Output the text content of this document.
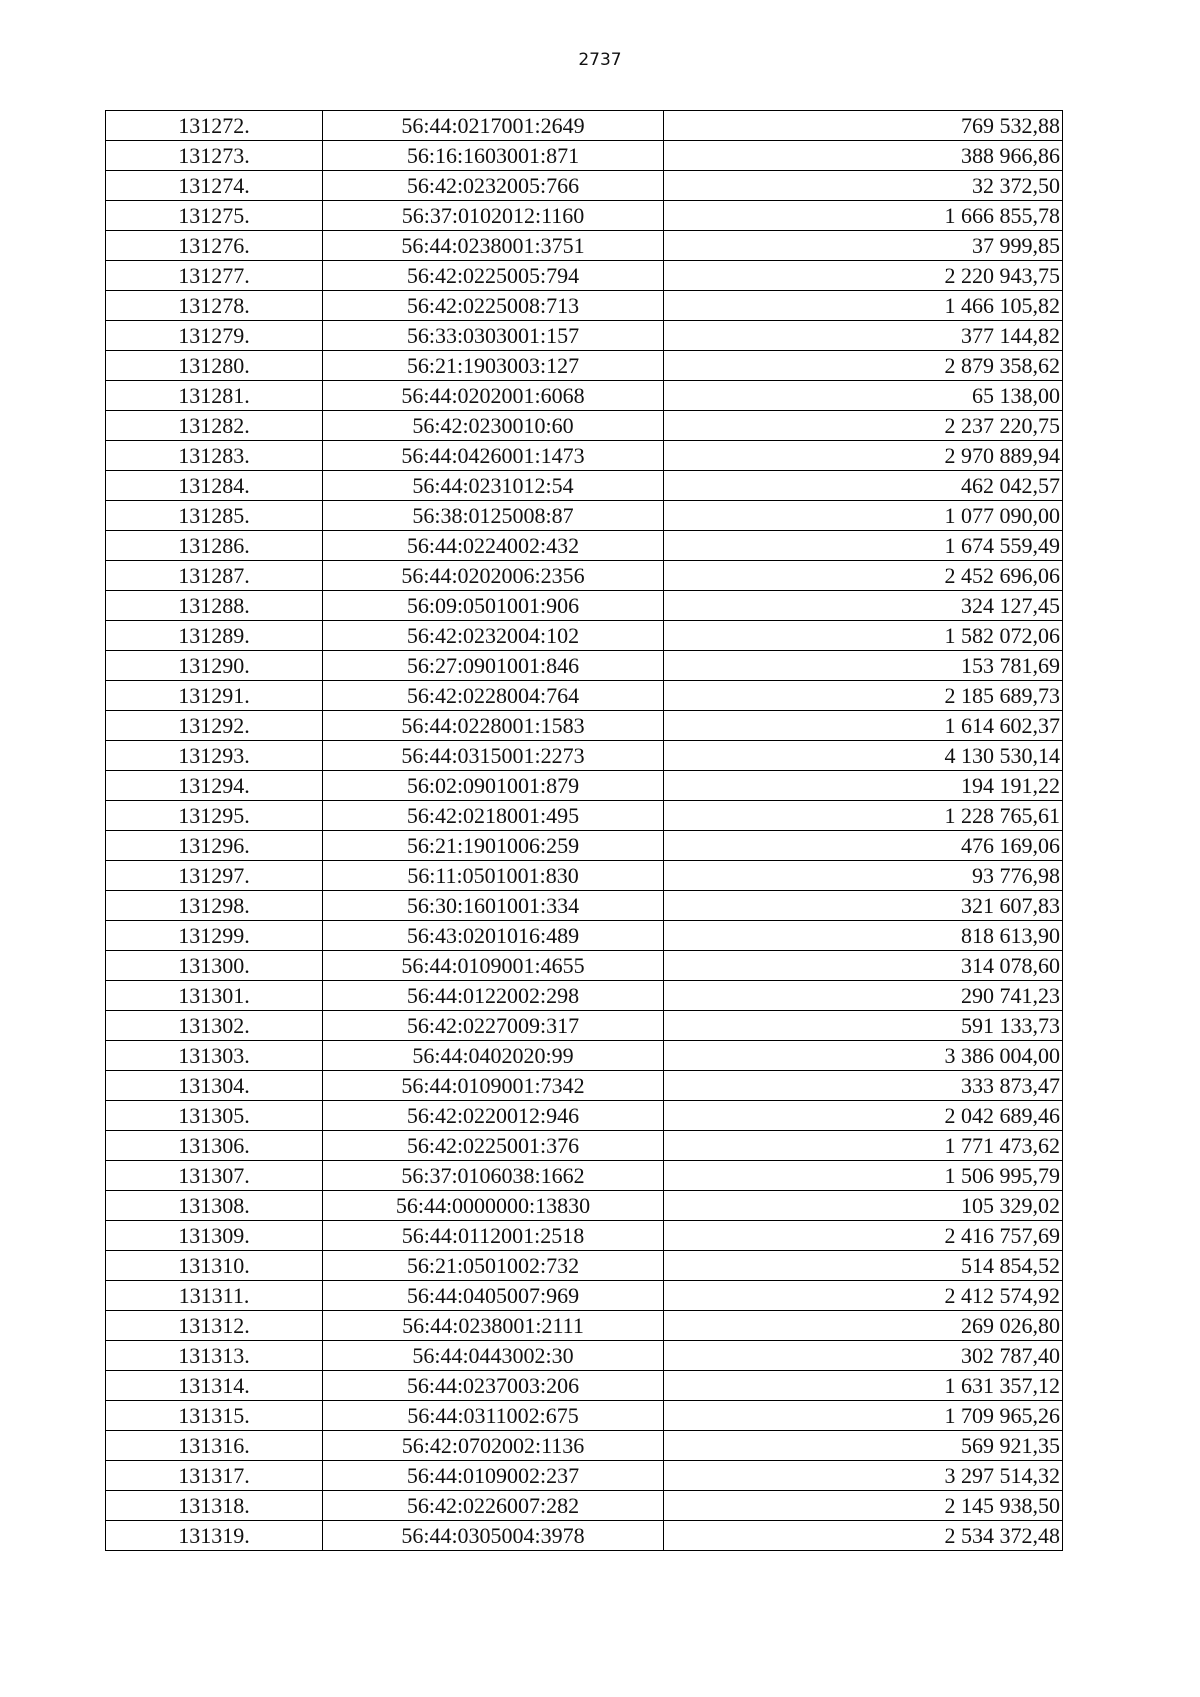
2737
131272.	56:44:0217001:2649	769 532,88
131273.	56:16:1603001:871	388 966,86
131274.	56:42:0232005:766	32 372,50
131275.	56:37:0102012:1160	1 666 855,78
131276.	56:44:0238001:3751	37 999,85
131277.	56:42:0225005:794	2 220 943,75
131278.	56:42:0225008:713	1 466 105,82
131279.	56:33:0303001:157	377 144,82
131280.	56:21:1903003:127	2 879 358,62
131281.	56:44:0202001:6068	65 138,00
131282.	56:42:0230010:60	2 237 220,75
131283.	56:44:0426001:1473	2 970 889,94
131284.	56:44:0231012:54	462 042,57
131285.	56:38:0125008:87	1 077 090,00
131286.	56:44:0224002:432	1 674 559,49
131287.	56:44:0202006:2356	2 452 696,06
131288.	56:09:0501001:906	324 127,45
131289.	56:42:0232004:102	1 582 072,06
131290.	56:27:0901001:846	153 781,69
131291.	56:42:0228004:764	2 185 689,73
131292.	56:44:0228001:1583	1 614 602,37
131293.	56:44:0315001:2273	4 130 530,14
131294.	56:02:0901001:879	194 191,22
131295.	56:42:0218001:495	1 228 765,61
131296.	56:21:1901006:259	476 169,06
131297.	56:11:0501001:830	93 776,98
131298.	56:30:1601001:334	321 607,83
131299.	56:43:0201016:489	818 613,90
131300.	56:44:0109001:4655	314 078,60
131301.	56:44:0122002:298	290 741,23
131302.	56:42:0227009:317	591 133,73
131303.	56:44:0402020:99	3 386 004,00
131304.	56:44:0109001:7342	333 873,47
131305.	56:42:0220012:946	2 042 689,46
131306.	56:42:0225001:376	1 771 473,62
131307.	56:37:0106038:1662	1 506 995,79
131308.	56:44:0000000:13830	105 329,02
131309.	56:44:0112001:2518	2 416 757,69
131310.	56:21:0501002:732	514 854,52
131311.	56:44:0405007:969	2 412 574,92
131312.	56:44:0238001:2111	269 026,80
131313.	56:44:0443002:30	302 787,40
131314.	56:44:0237003:206	1 631 357,12
131315.	56:44:0311002:675	1 709 965,26
131316.	56:42:0702002:1136	569 921,35
131317.	56:44:0109002:237	3 297 514,32
131318.	56:42:0226007:282	2 145 938,50
131319.	56:44:0305004:3978	2 534 372,48
